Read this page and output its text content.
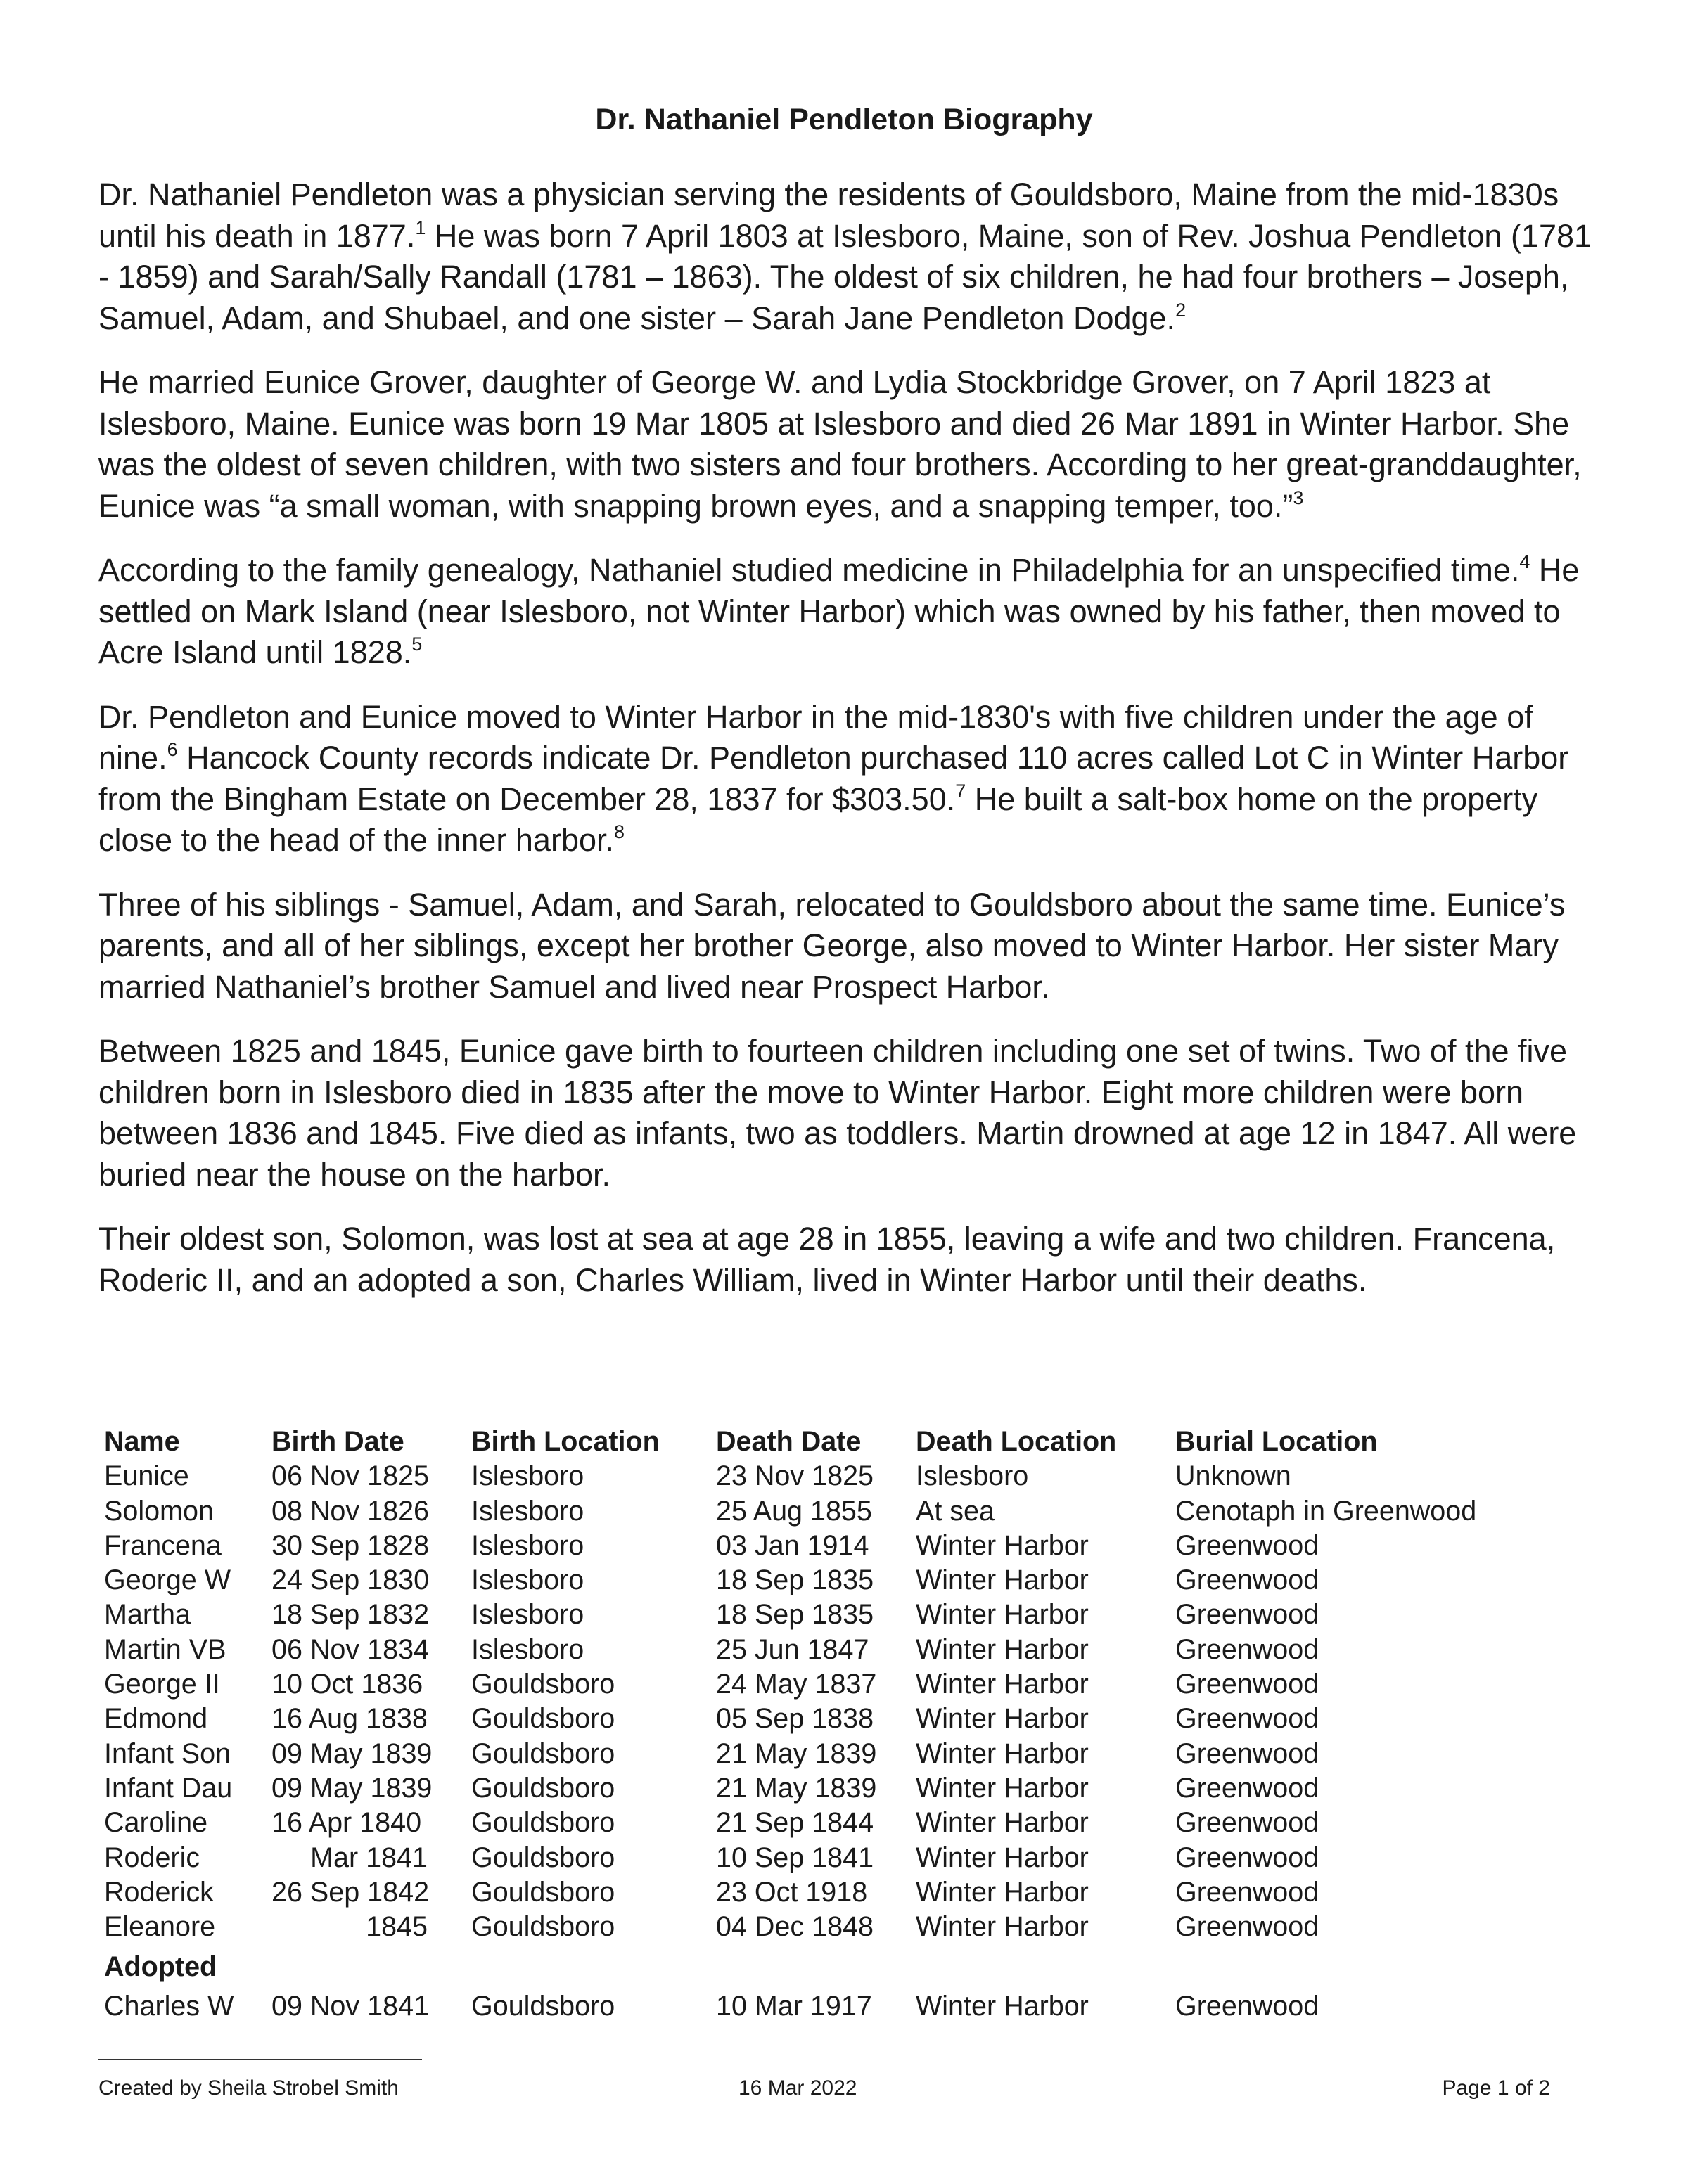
Dr. Nathaniel Pendleton Biography

Dr. Nathaniel Pendleton was a physician serving the residents of Gouldsboro, Maine from the mid-1830s until his death in 1877.$^1$ He was born 7 April 1803 at Islesboro, Maine, son of Rev. Joshua Pendleton (1781 - 1859) and Sarah/Sally Randall (1781 – 1863). The oldest of six children, he had four brothers – Joseph, Samuel, Adam, and Shubael, and one sister – Sarah Jane Pendleton Dodge.$^2$

He married Eunice Grover, daughter of George W. and Lydia Stockbridge Grover, on 7 April 1823 at Islesboro, Maine. Eunice was born 19 Mar 1805 at Islesboro and died 26 Mar 1891 in Winter Harbor. She was the oldest of seven children, with two sisters and four brothers. According to her great-granddaughter, Eunice was “a small woman, with snapping brown eyes, and a snapping temper, too.”$^3$

According to the family genealogy, Nathaniel studied medicine in Philadelphia for an unspecified time.$^4$ He settled on Mark Island (near Islesboro, not Winter Harbor) which was owned by his father, then moved to Acre Island until 1828.$^5$

Dr. Pendleton and Eunice moved to Winter Harbor in the mid-1830's with five children under the age of nine.$^6$ Hancock County records indicate Dr. Pendleton purchased 110 acres called Lot C in Winter Harbor from the Bingham Estate on December 28, 1837 for $303.50.$^7$ He built a salt-box home on the property close to the head of the inner harbor.$^8$

Three of his siblings - Samuel, Adam, and Sarah, relocated to Gouldsboro about the same time. Eunice’s parents, and all of her siblings, except her brother George, also moved to Winter Harbor. Her sister Mary married Nathaniel’s brother Samuel and lived near Prospect Harbor.

Between 1825 and 1845, Eunice gave birth to fourteen children including one set of twins. Two of the five children born in Islesboro died in 1835 after the move to Winter Harbor. Eight more children were born between 1836 and 1845. Five died as infants, two as toddlers. Martin drowned at age 12 in 1847. All were buried near the house on the harbor.

Their oldest son, Solomon, was lost at sea at age 28 in 1855, leaving a wife and two children. Francena, Roderic II, and an adopted a son, Charles William, lived in Winter Harbor until their deaths.

Name	Birth Date	Birth Location	Death Date	Death Location	Burial Location
Eunice	06 Nov 1825	Islesboro	23 Nov 1825	Islesboro	Unknown
Solomon	08 Nov 1826	Islesboro	25 Aug 1855	At sea	Cenotaph in Greenwood
Francena	30 Sep 1828	Islesboro	03 Jan 1914	Winter Harbor	Greenwood
George W	24 Sep 1830	Islesboro	18 Sep 1835	Winter Harbor	Greenwood
Martha	18 Sep 1832	Islesboro	18 Sep 1835	Winter Harbor	Greenwood
Martin VB	06 Nov 1834	Islesboro	25 Jun 1847	Winter Harbor	Greenwood
George II	10 Oct 1836	Gouldsboro	24 May 1837	Winter Harbor	Greenwood
Edmond	16 Aug 1838	Gouldsboro	05 Sep 1838	Winter Harbor	Greenwood
Infant Son	09 May 1839	Gouldsboro	21 May 1839	Winter Harbor	Greenwood
Infant Dau	09 May 1839	Gouldsboro	21 May 1839	Winter Harbor	Greenwood
Caroline	16 Apr 1840	Gouldsboro	21 Sep 1844	Winter Harbor	Greenwood
Roderic	Mar 1841	Gouldsboro	10 Sep 1841	Winter Harbor	Greenwood
Roderick	26 Sep 1842	Gouldsboro	23 Oct 1918	Winter Harbor	Greenwood
Eleanore	1845	Gouldsboro	04 Dec 1848	Winter Harbor	Greenwood
Adopted					
Charles W	09 Nov 1841	Gouldsboro	10 Mar 1917	Winter Harbor	Greenwood
Created by Sheila Strobel Smith	16 Mar 2022	Page 1 of 2
